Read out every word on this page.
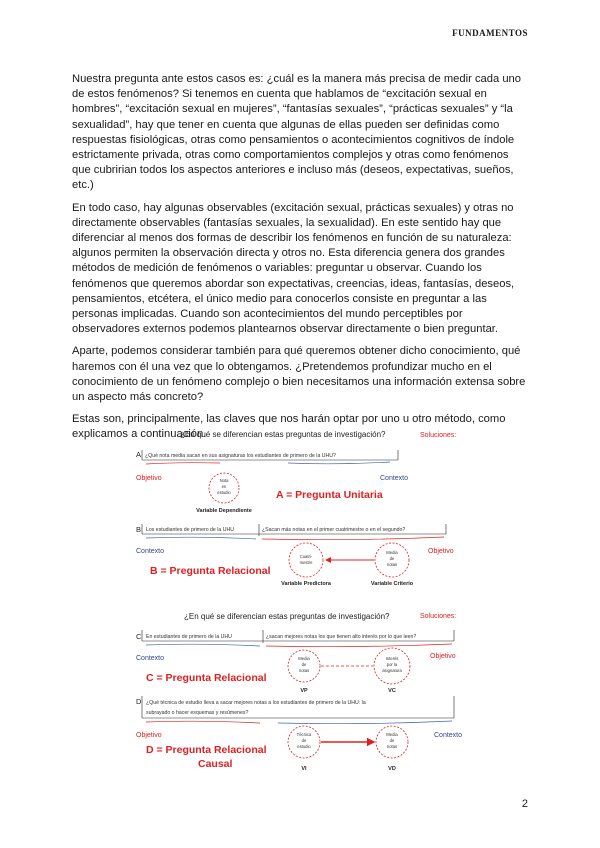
FUNDAMENTOS

Nuestra pregunta ante estos casos es: ¿cuál es la manera más precisa de medir cada uno de estos fenómenos? Si tenemos en cuenta que hablamos de “excitación sexual en hombres”, “excitación sexual en mujeres”, “fantasías sexuales”, “prácticas sexuales” y “la sexualidad”, hay que tener en cuenta que algunas de ellas pueden ser definidas como respuestas fisiológicas, otras como pensamientos o acontecimientos cognitivos de índole estrictamente privada, otras como comportamientos complejos y otras como fenómenos que cubririan todos los aspectos anteriores e incluso más (deseos, expectativas, sueños, etc.)

En todo caso, hay algunas observables (excitación sexual, prácticas sexuales) y otras no directamente observables (fantasías sexuales, la sexualidad). En este sentido hay que diferenciar al menos dos formas de describir los fenómenos en función de su naturaleza: algunos permiten la observación directa y otros no. Esta diferencia genera dos grandes métodos de medición de fenómenos o variables: preguntar u observar. Cuando los fenómenos que queremos abordar son expectativas, creencias, ideas, fantasías, deseos, pensamientos, etcétera, el único medio para conocerlos consiste en preguntar a las personas implicadas. Cuando son acontecimientos del mundo perceptibles por observadores externos podemos plantearnos observar directamente o bien preguntar.

Aparte, podemos considerar también para qué queremos obtener dicho conocimiento, qué haremos con él una vez que lo obtengamos. ¿Pretendemos profundizar mucho en el conocimiento de un fenómeno complejo o bien necesitamos una información extensa sobre un aspecto más concreto?

Estas son, principalmente, las claves que nos harán optar por uno u otro método, como explicamos a continuación.

¿En qué se diferencian estas preguntas de investigación?	Soluciones:
A ¿Qué nota media sacan en sus asignaturas los estudiantes de primero de la UHU?
Objetivo	Contexto
Nota
en
estudio
Variable Dependiente
A = Pregunta Unitaria
B Los estudiantes de primero de la UHU	¿Sacan más notas en el primer cuatrimestre o en el segundo?
Contexto	Objetivo
Cuatri-
mestre
Media
de
notas
Variable Predictora	Variable Criterio
B = Pregunta Relacional
¿En qué se diferencian estas preguntas de investigación?	Soluciones:
C En estudiantes de primero de la UHU	¿sacan mejores notas los que tienen alto interés por lo que leen?
Contexto	Objetivo
Media
de
notas
Interés
por la
asignatura
VP	VC
C = Pregunta Relacional
D ¿Qué técnica de estudio lleva a sacar mejores notas a los estudiantes de primero de la UHU: la
subrayado o hacer esquemas y resúmenes?
Objetivo	Contexto
Técnica
de
estudio
Media
de
notas
VI	VD
D = Pregunta Relacional
Causal
2
